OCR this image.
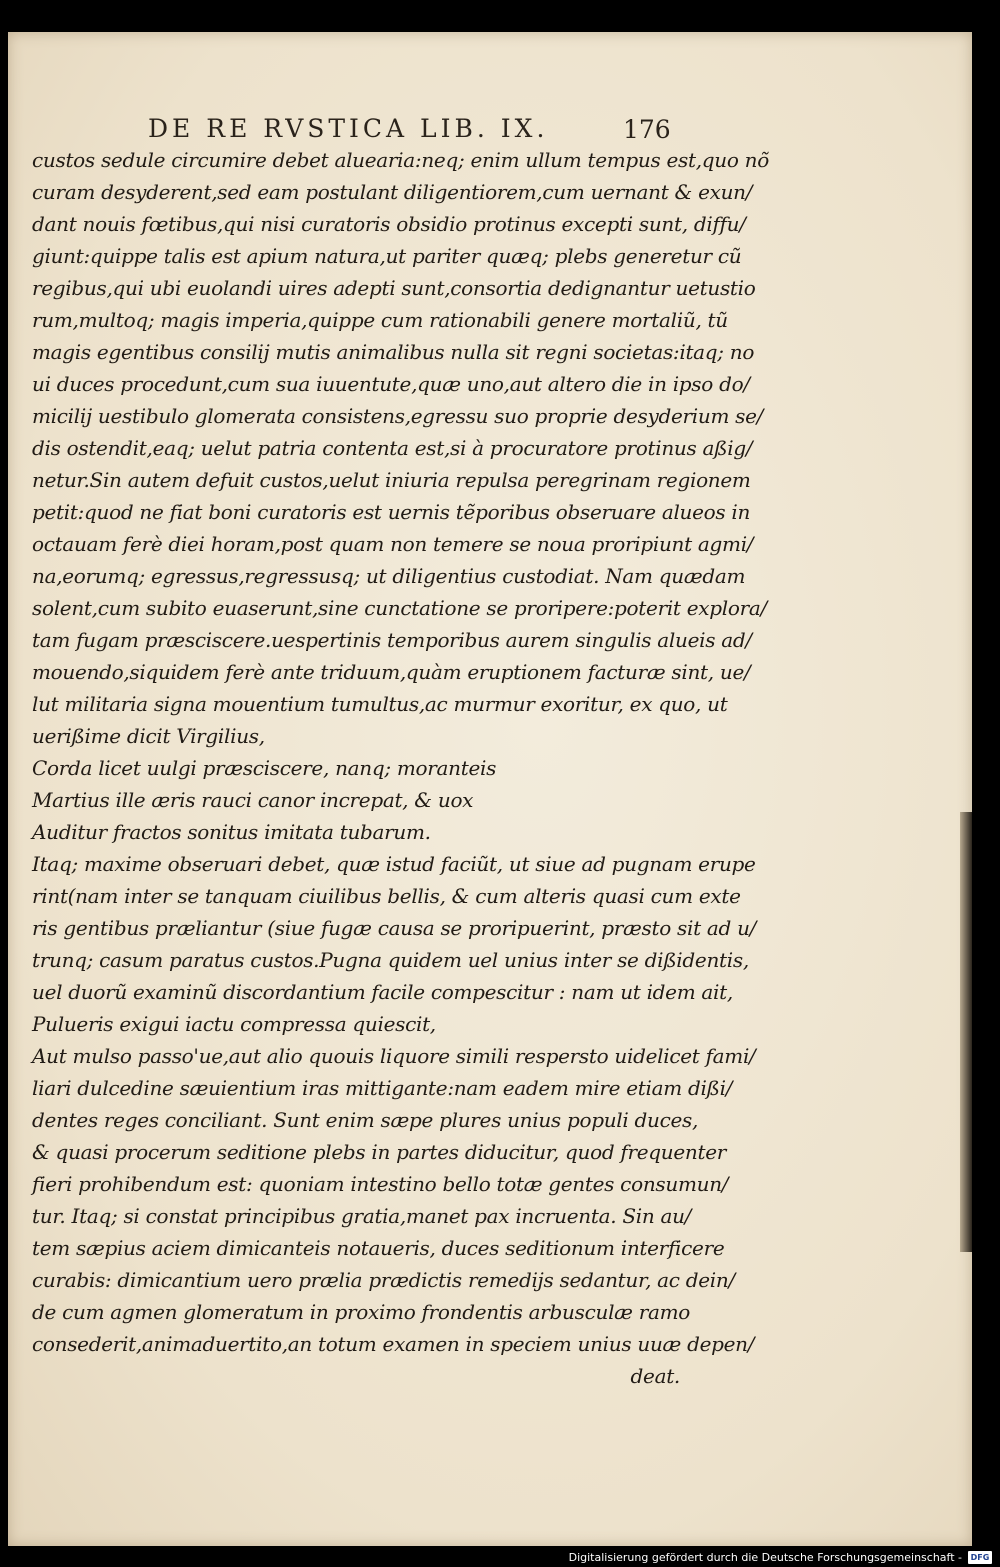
DE RE RVSTICA LIB. IX.	176
custos sedule circumire debet aluearia:neq; enim ullum tempus est,quo nõ
curam desyderent,sed eam postulant diligentiorem,cum uernant & exun/
dant nouis fœtibus,qui nisi curatoris obsidio protinus excepti sunt, diffu/
giunt:quippe talis est apium natura,ut pariter quæq; plebs generetur cũ
regibus,qui ubi euolandi uires adepti sunt,consortia dedignantur uetustio
rum,multoq; magis imperia,quippe cum rationabili genere mortaliũ, tũ
magis egentibus consilij mutis animalibus nulla sit regni societas:itaq; no
ui duces procedunt,cum sua iuuentute,quæ uno,aut altero die in ipso do/
micilij uestibulo glomerata consistens,egressu suo proprie desyderium se/
dis ostendit,eaq; uelut patria contenta est,si à procuratore protinus aßig/
netur.Sin autem defuit custos,uelut iniuria repulsa peregrinam regionem
petit:quod ne fiat boni curatoris est uernis tẽporibus obseruare alueos in
octauam ferè diei horam,post quam non temere se noua proripiunt agmi/
na,eorumq; egressus,regressusq; ut diligentius custodiat. Nam quædam
solent,cum subito euaserunt,sine cunctatione se proripere:poterit explora/
tam fugam præsciscere.uespertinis temporibus aurem singulis alueis ad/
mouendo,siquidem ferè ante triduum,quàm eruptionem facturæ sint, ue/
lut militaria signa mouentium tumultus,ac murmur exoritur, ex quo, ut
uerißime dicit Virgilius,
Corda licet uulgi præsciscere, nanq; moranteis
Martius ille æris rauci canor increpat, & uox
Auditur fractos sonitus imitata tubarum.
Itaq; maxime obseruari debet, quæ istud faciũt, ut siue ad pugnam erupe
rint(nam inter se tanquam ciuilibus bellis, & cum alteris quasi cum exte
ris gentibus præliantur (siue fugæ causa se proripuerint, præsto sit ad u/
trunq; casum paratus custos.Pugna quidem uel unius inter se dißidentis,
uel duorũ examinũ discordantium facile compescitur : nam ut idem ait,
Pulueris exigui iactu compressa quiescit,
Aut mulso passo'ue,aut alio quouis liquore simili respersto uidelicet fami/
liari dulcedine sæuientium iras mittigante:nam eadem mire etiam dißi/
dentes reges conciliant. Sunt enim sæpe plures unius populi duces,
& quasi procerum seditione plebs in partes diducitur, quod frequenter
fieri prohibendum est: quoniam intestino bello totæ gentes consumun/
tur. Itaq; si constat principibus gratia,manet pax incruenta. Sin au/
tem sæpius aciem dimicanteis notaueris, duces seditionum interficere
curabis: dimicantium uero prælia prædictis remedijs sedantur, ac dein/
de cum agmen glomeratum in proximo frondentis arbusculæ ramo
consederit,animaduertito,an totum examen in speciem unius uuæ depen/
deat.
Digitalisierung gefördert durch die Deutsche Forschungsgemeinschaft -	DFG
